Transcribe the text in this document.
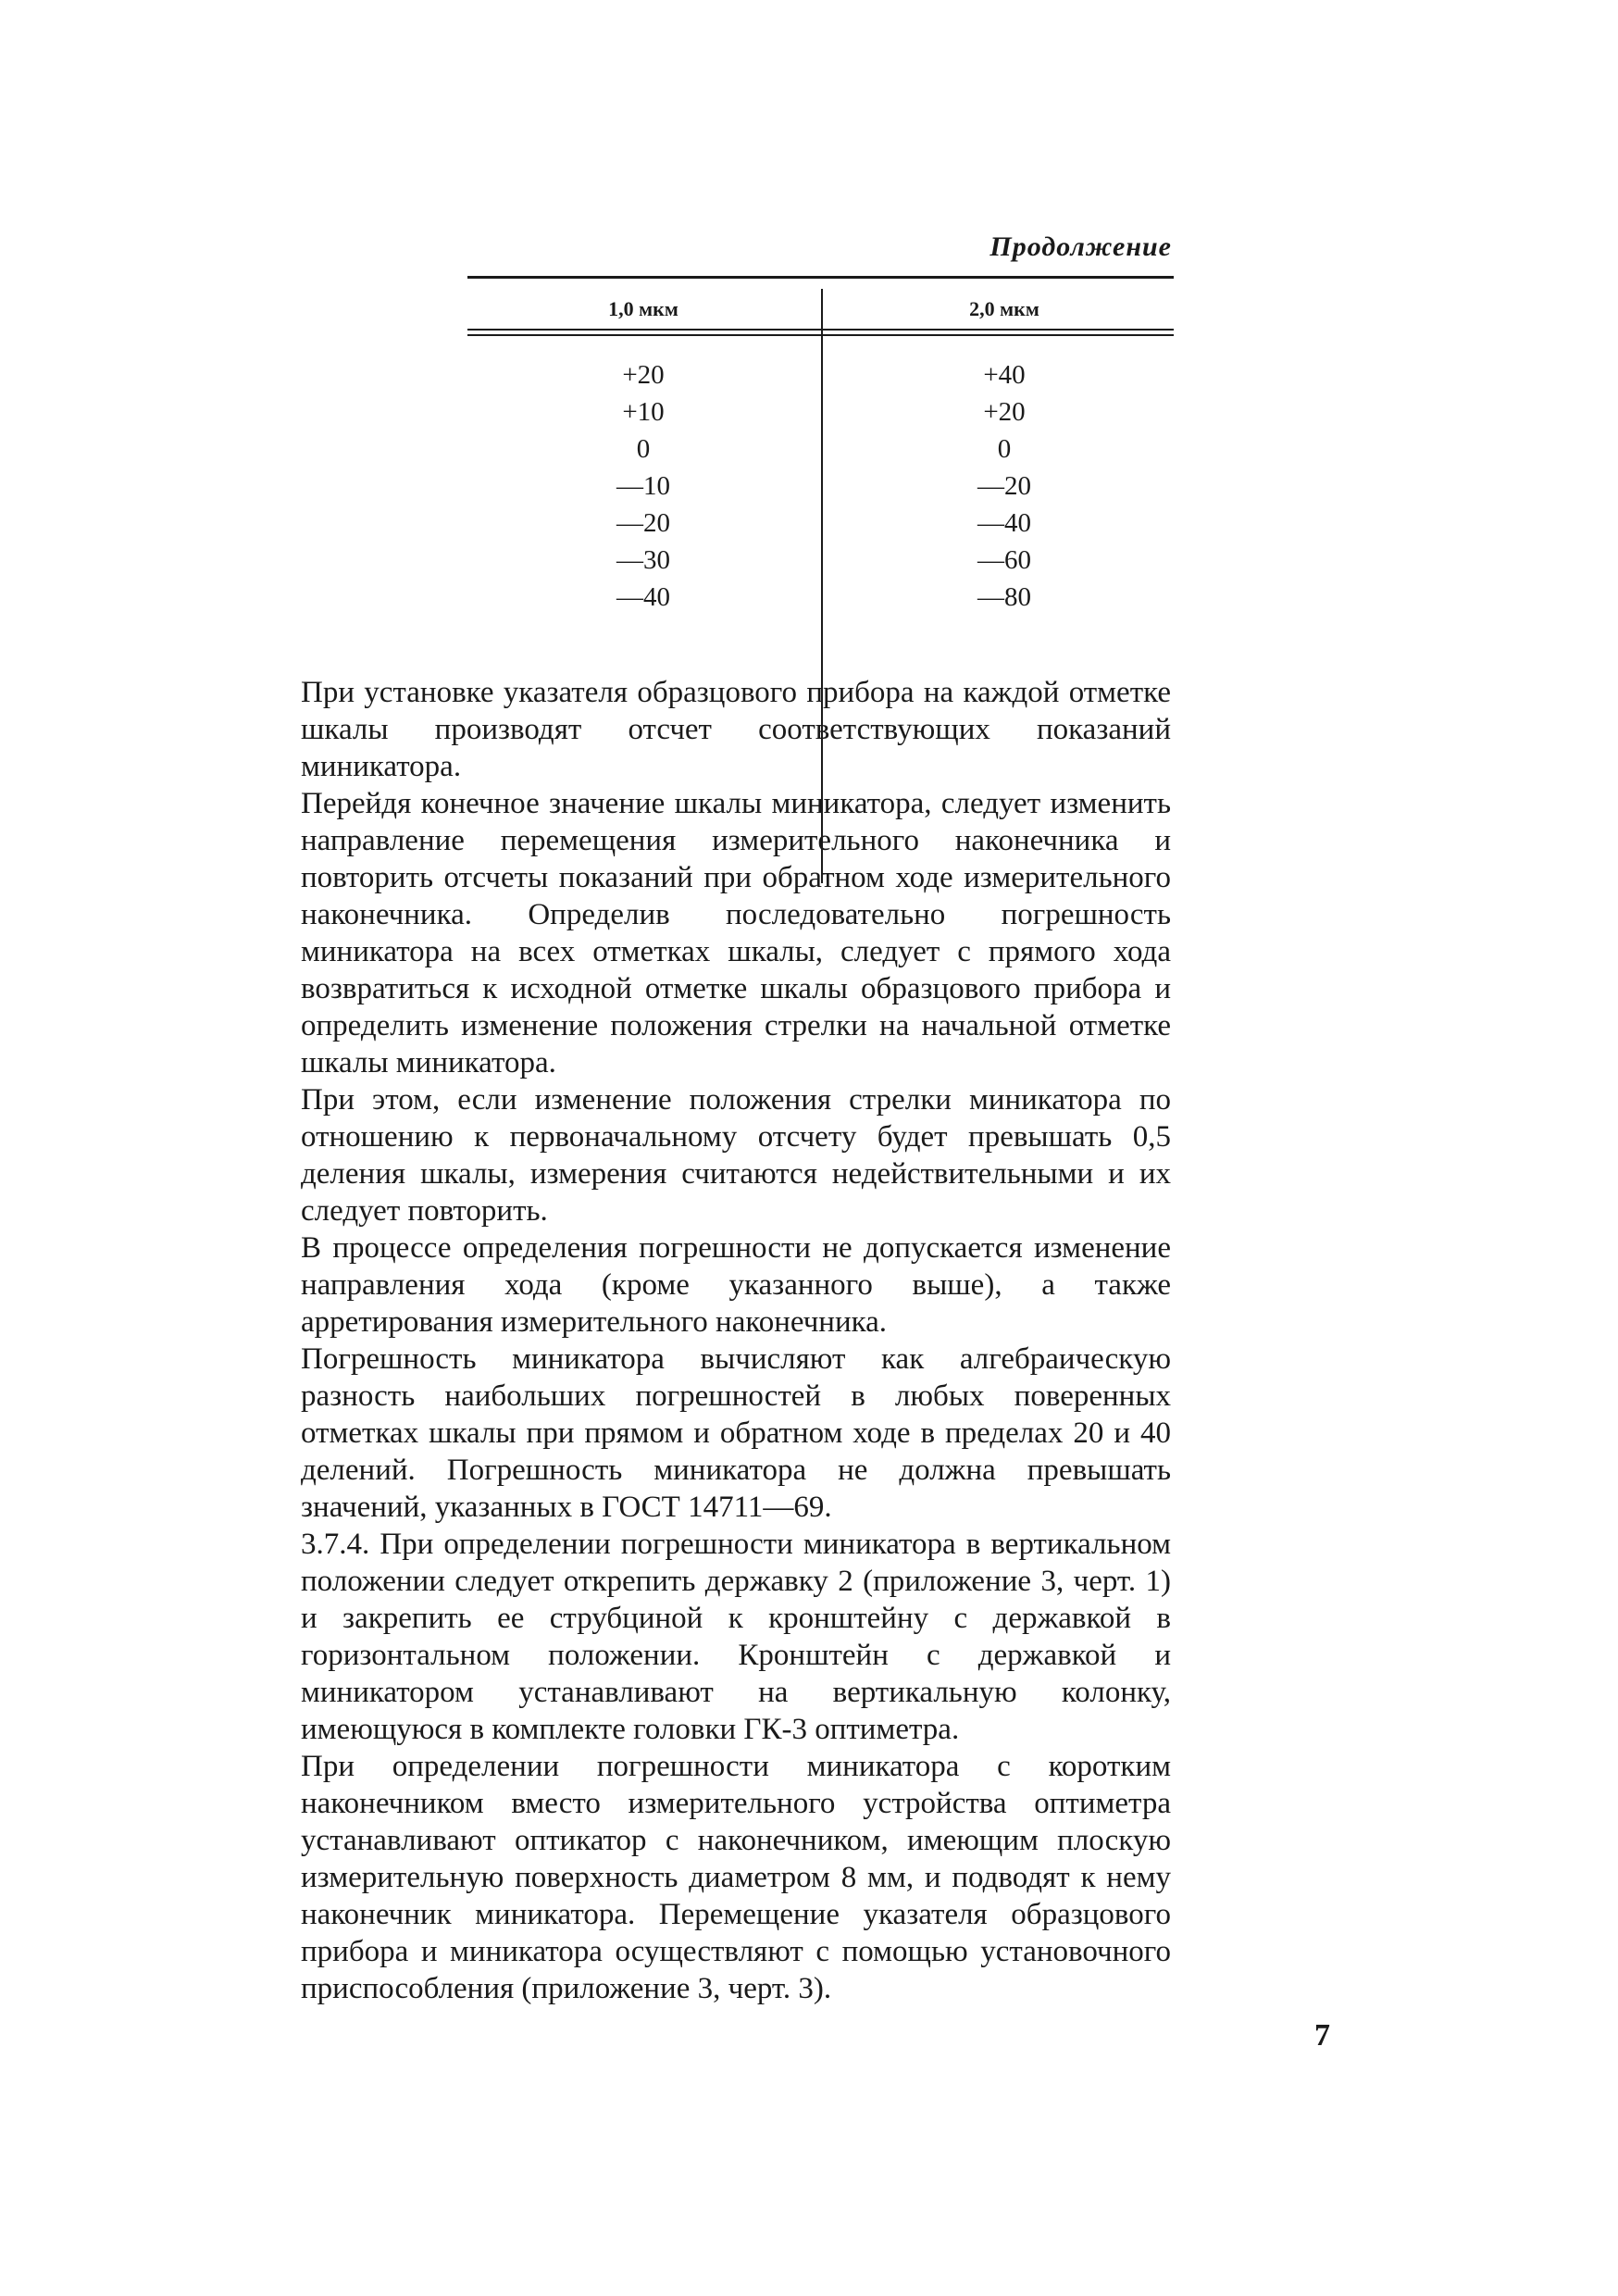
Продолжение
1,0 мкм	2,0 мкм
+20
+10
0
—10
—20
—30
—40
+40
+20
0
—20
—40
—60
—80

При установке указателя образцового прибора на каждой отметке шкалы производят отсчет соответствующих показаний миникатора.

Перейдя конечное значение шкалы миникатора, следует изменить направление перемещения измерительного наконечника и повторить отсчеты показаний при обратном ходе измерительного наконечника. Определив последовательно погрешность миникатора на всех отметках шкалы, следует с прямого хода возвратиться к исходной отметке шкалы образцового прибора и определить изменение положения стрелки на начальной отметке шкалы миникатора.

При этом, если изменение положения стрелки миникатора по отношению к первоначальному отсчету будет превышать 0,5 деления шкалы, измерения считаются недействительными и их следует повторить.

В процессе определения погрешности не допускается изменение направления хода (кроме указанного выше), а также арретирования измерительного наконечника.

Погрешность миникатора вычисляют как алгебраическую разность наибольших погрешностей в любых поверенных отметках шкалы при прямом и обратном ходе в пределах 20 и 40 делений. Погрешность миникатора не должна превышать значений, указанных в ГОСТ 14711—69.

3.7.4. При определении погрешности миникатора в вертикальном положении следует открепить державку 2 (приложение 3, черт. 1) и закрепить ее струбциной к кронштейну с державкой в горизонтальном положении. Кронштейн с державкой и миникатором устанавливают на вертикальную колонку, имеющуюся в комплекте головки ГК-3 оптиметра.

При определении погрешности миникатора с коротким наконечником вместо измерительного устройства оптиметра устанавливают оптикатор с наконечником, имеющим плоскую измерительную поверхность диаметром 8 мм, и подводят к нему наконечник миникатора. Перемещение указателя образцового прибора и миникатора осуществляют с помощью установочного приспособления (приложение 3, черт. 3).

7
